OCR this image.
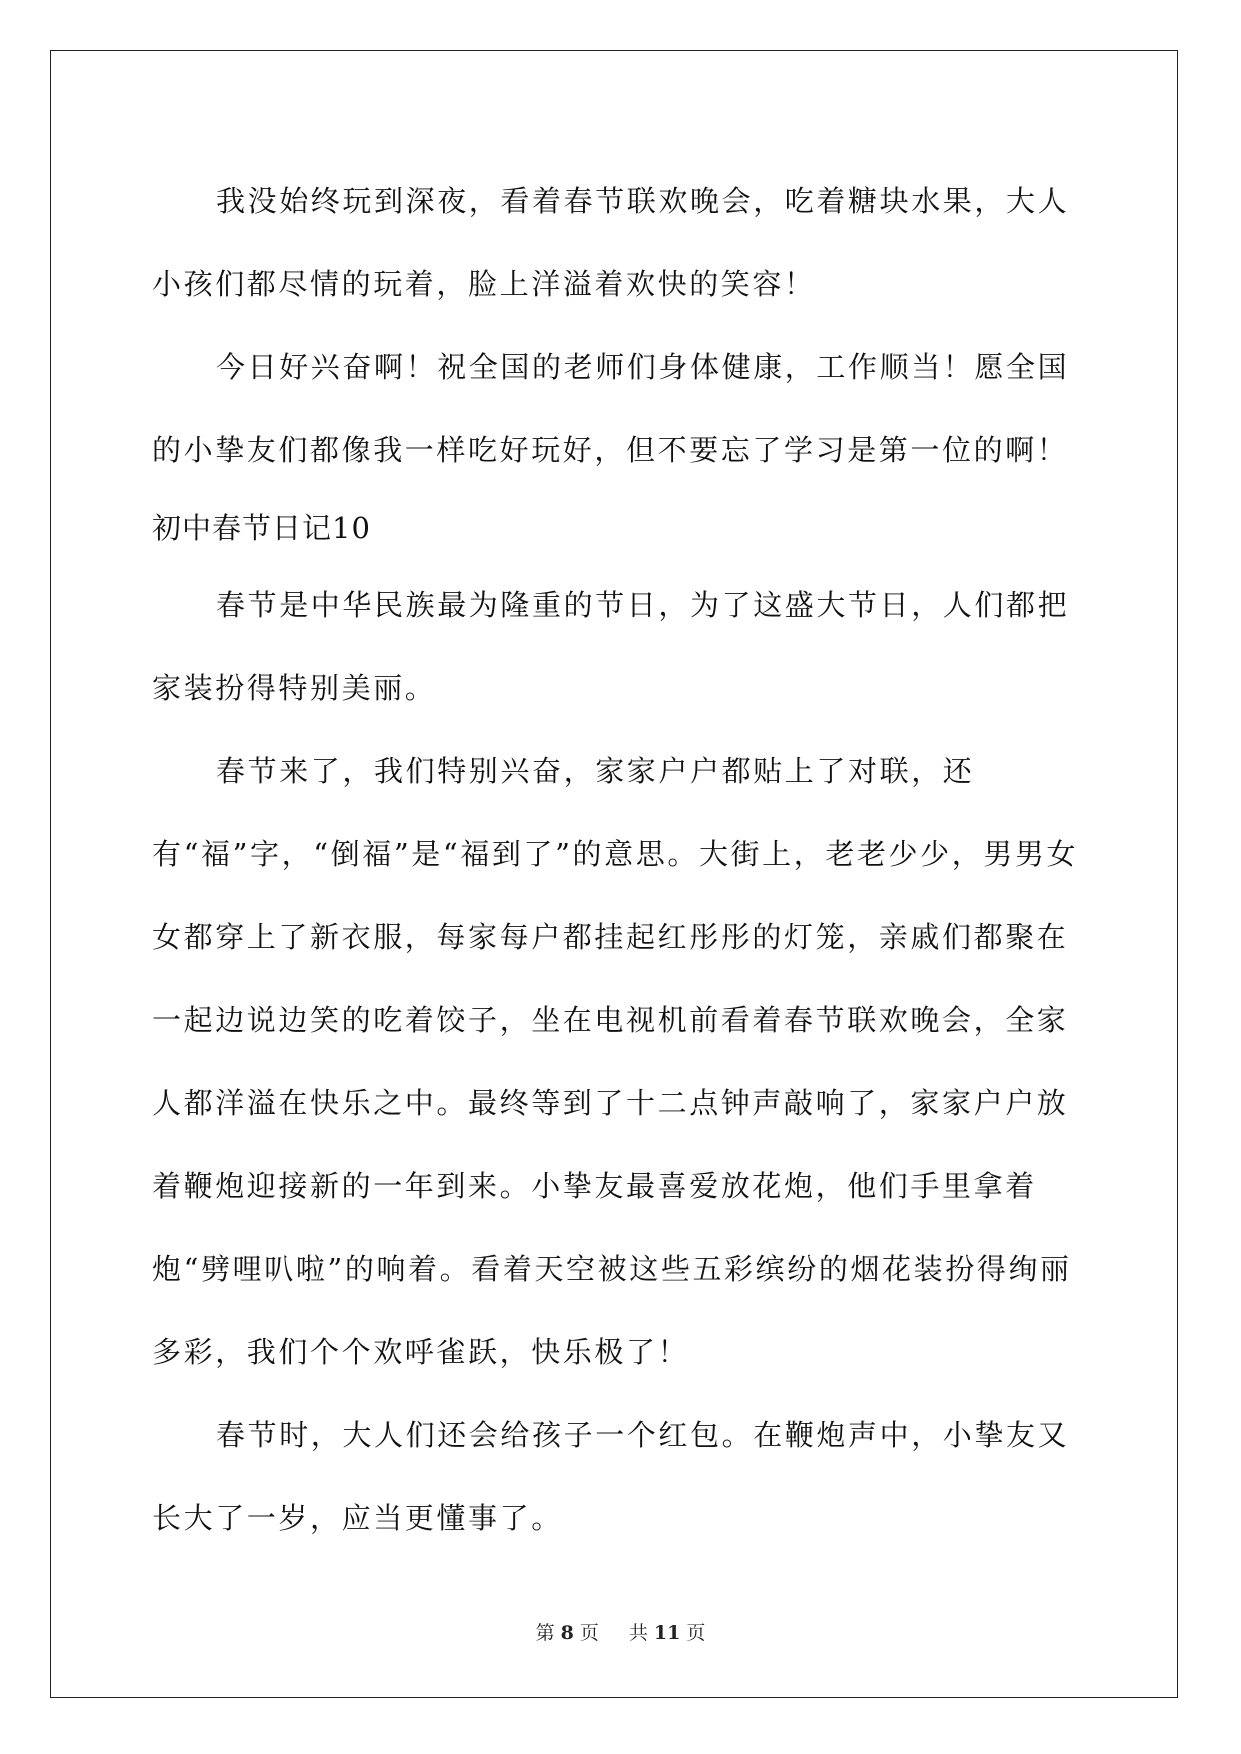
我没始终玩到深夜，看着春节联欢晚会，吃着糖块水果，大人小孩们都尽情的玩着，脸上洋溢着欢快的笑容！

今日好兴奋啊！祝全国的老师们身体健康，工作顺当！愿全国的小挚友们都像我一样吃好玩好，但不要忘了学习是第一位的啊！

初中春节日记10

春节是中华民族最为隆重的节日，为了这盛大节日，人们都把家装扮得特别美丽。

春节来了，我们特别兴奋，家家户户都贴上了对联，还有“福”字，“倒福”是“福到了”的意思。大街上，老老少少，男男女女都穿上了新衣服，每家每户都挂起红彤彤的灯笼，亲戚们都聚在一起边说边笑的吃着饺子，坐在电视机前看着春节联欢晚会，全家人都洋溢在快乐之中。最终等到了十二点钟声敲响了，家家户户放着鞭炮迎接新的一年到来。小挚友最喜爱放花炮，他们手里拿着炮“劈哩叭啦”的响着。看着天空被这些五彩缤纷的烟花装扮得绚丽多彩，我们个个欢呼雀跃，快乐极了！

春节时，大人们还会给孩子一个红包。在鞭炮声中，小挚友又长大了一岁，应当更懂事了。

第 8 页 共 11 页
